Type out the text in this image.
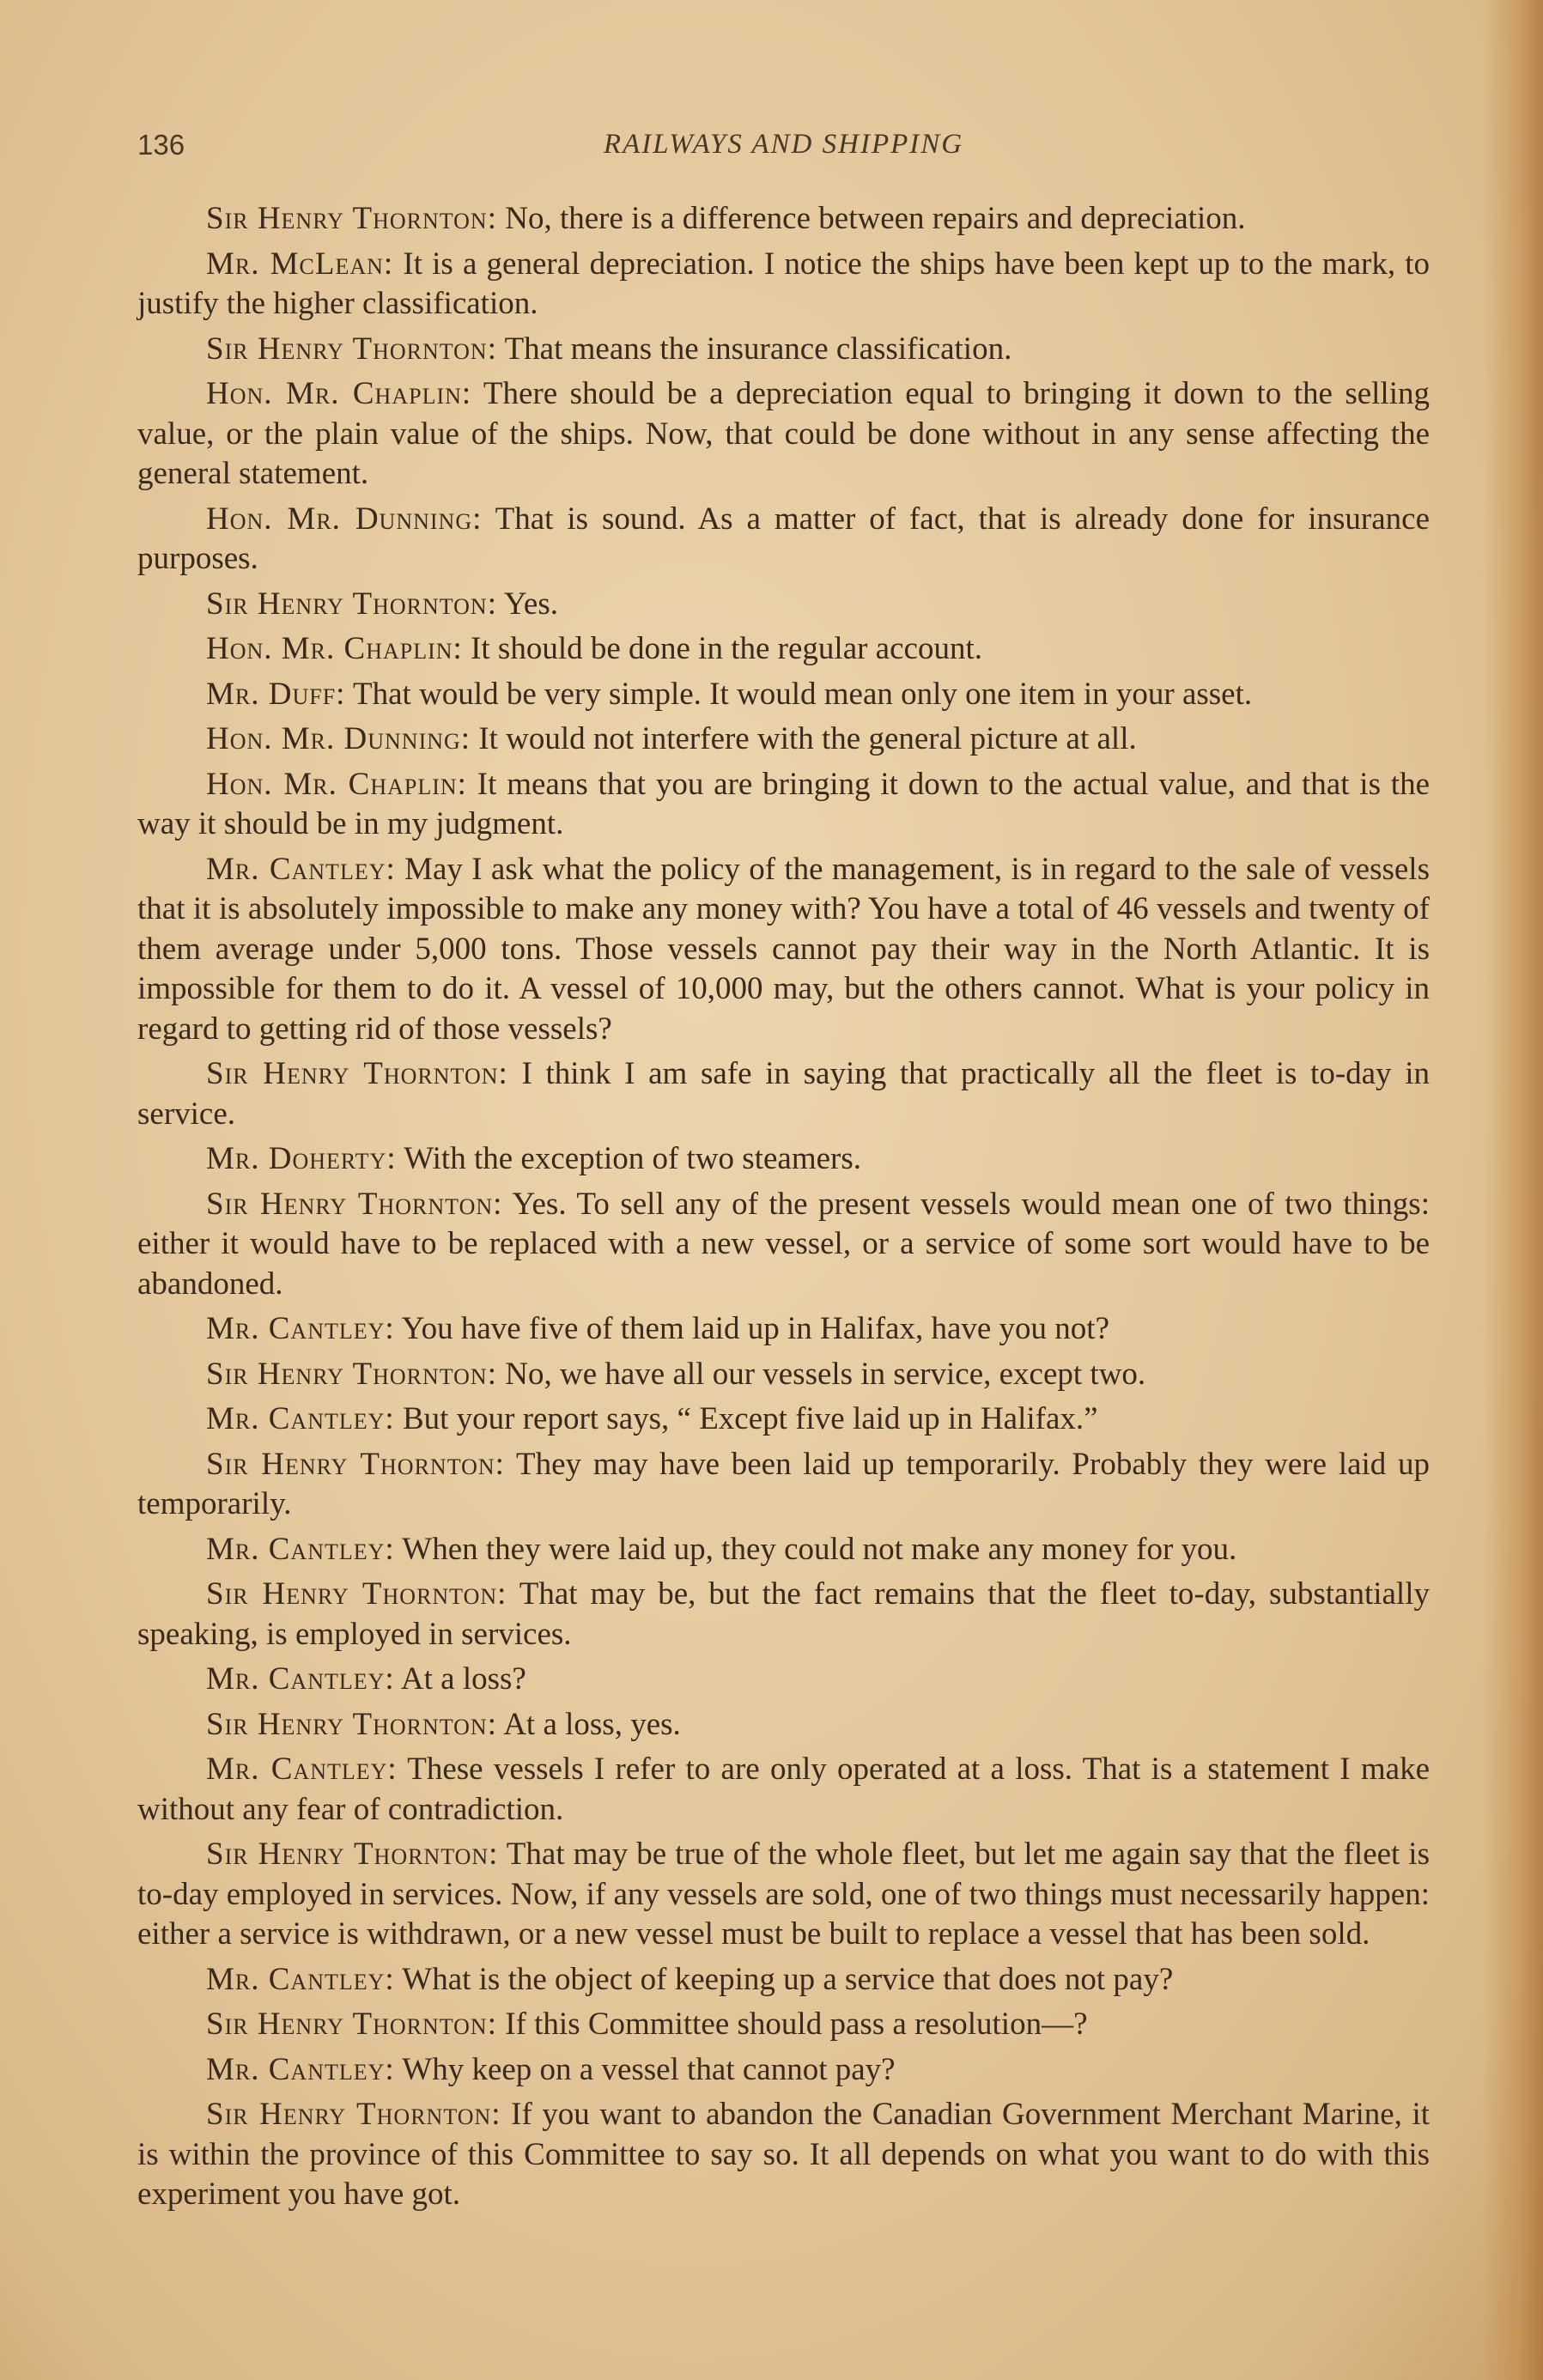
136	RAILWAYS AND SHIPPING

Sir Henry Thornton: No, there is a difference between repairs and depreciation.

Mr. McLean: It is a general depreciation. I notice the ships have been kept up to the mark, to justify the higher classification.

Sir Henry Thornton: That means the insurance classification.

Hon. Mr. Chaplin: There should be a depreciation equal to bringing it down to the selling value, or the plain value of the ships. Now, that could be done without in any sense affecting the general statement.

Hon. Mr. Dunning: That is sound. As a matter of fact, that is already done for insurance purposes.

Sir Henry Thornton: Yes.

Hon. Mr. Chaplin: It should be done in the regular account.

Mr. Duff: That would be very simple. It would mean only one item in your asset.

Hon. Mr. Dunning: It would not interfere with the general picture at all.

Hon. Mr. Chaplin: It means that you are bringing it down to the actual value, and that is the way it should be in my judgment.

Mr. Cantley: May I ask what the policy of the management, is in regard to the sale of vessels that it is absolutely impossible to make any money with? You have a total of 46 vessels and twenty of them average under 5,000 tons. Those vessels cannot pay their way in the North Atlantic. It is impossible for them to do it. A vessel of 10,000 may, but the others cannot. What is your policy in regard to getting rid of those vessels?

Sir Henry Thornton: I think I am safe in saying that practically all the fleet is to-day in service.

Mr. Doherty: With the exception of two steamers.

Sir Henry Thornton: Yes. To sell any of the present vessels would mean one of two things: either it would have to be replaced with a new vessel, or a service of some sort would have to be abandoned.

Mr. Cantley: You have five of them laid up in Halifax, have you not?

Sir Henry Thornton: No, we have all our vessels in service, except two.

Mr. Cantley: But your report says, “ Except five laid up in Halifax.”

Sir Henry Thornton: They may have been laid up temporarily. Probably they were laid up temporarily.

Mr. Cantley: When they were laid up, they could not make any money for you.

Sir Henry Thornton: That may be, but the fact remains that the fleet to-day, substantially speaking, is employed in services.

Mr. Cantley: At a loss?

Sir Henry Thornton: At a loss, yes.

Mr. Cantley: These vessels I refer to are only operated at a loss. That is a statement I make without any fear of contradiction.

Sir Henry Thornton: That may be true of the whole fleet, but let me again say that the fleet is to-day employed in services. Now, if any vessels are sold, one of two things must necessarily happen: either a service is withdrawn, or a new vessel must be built to replace a vessel that has been sold.

Mr. Cantley: What is the object of keeping up a service that does not pay?

Sir Henry Thornton: If this Committee should pass a resolution—?

Mr. Cantley: Why keep on a vessel that cannot pay?

Sir Henry Thornton: If you want to abandon the Canadian Government Merchant Marine, it is within the province of this Committee to say so. It all depends on what you want to do with this experiment you have got.
